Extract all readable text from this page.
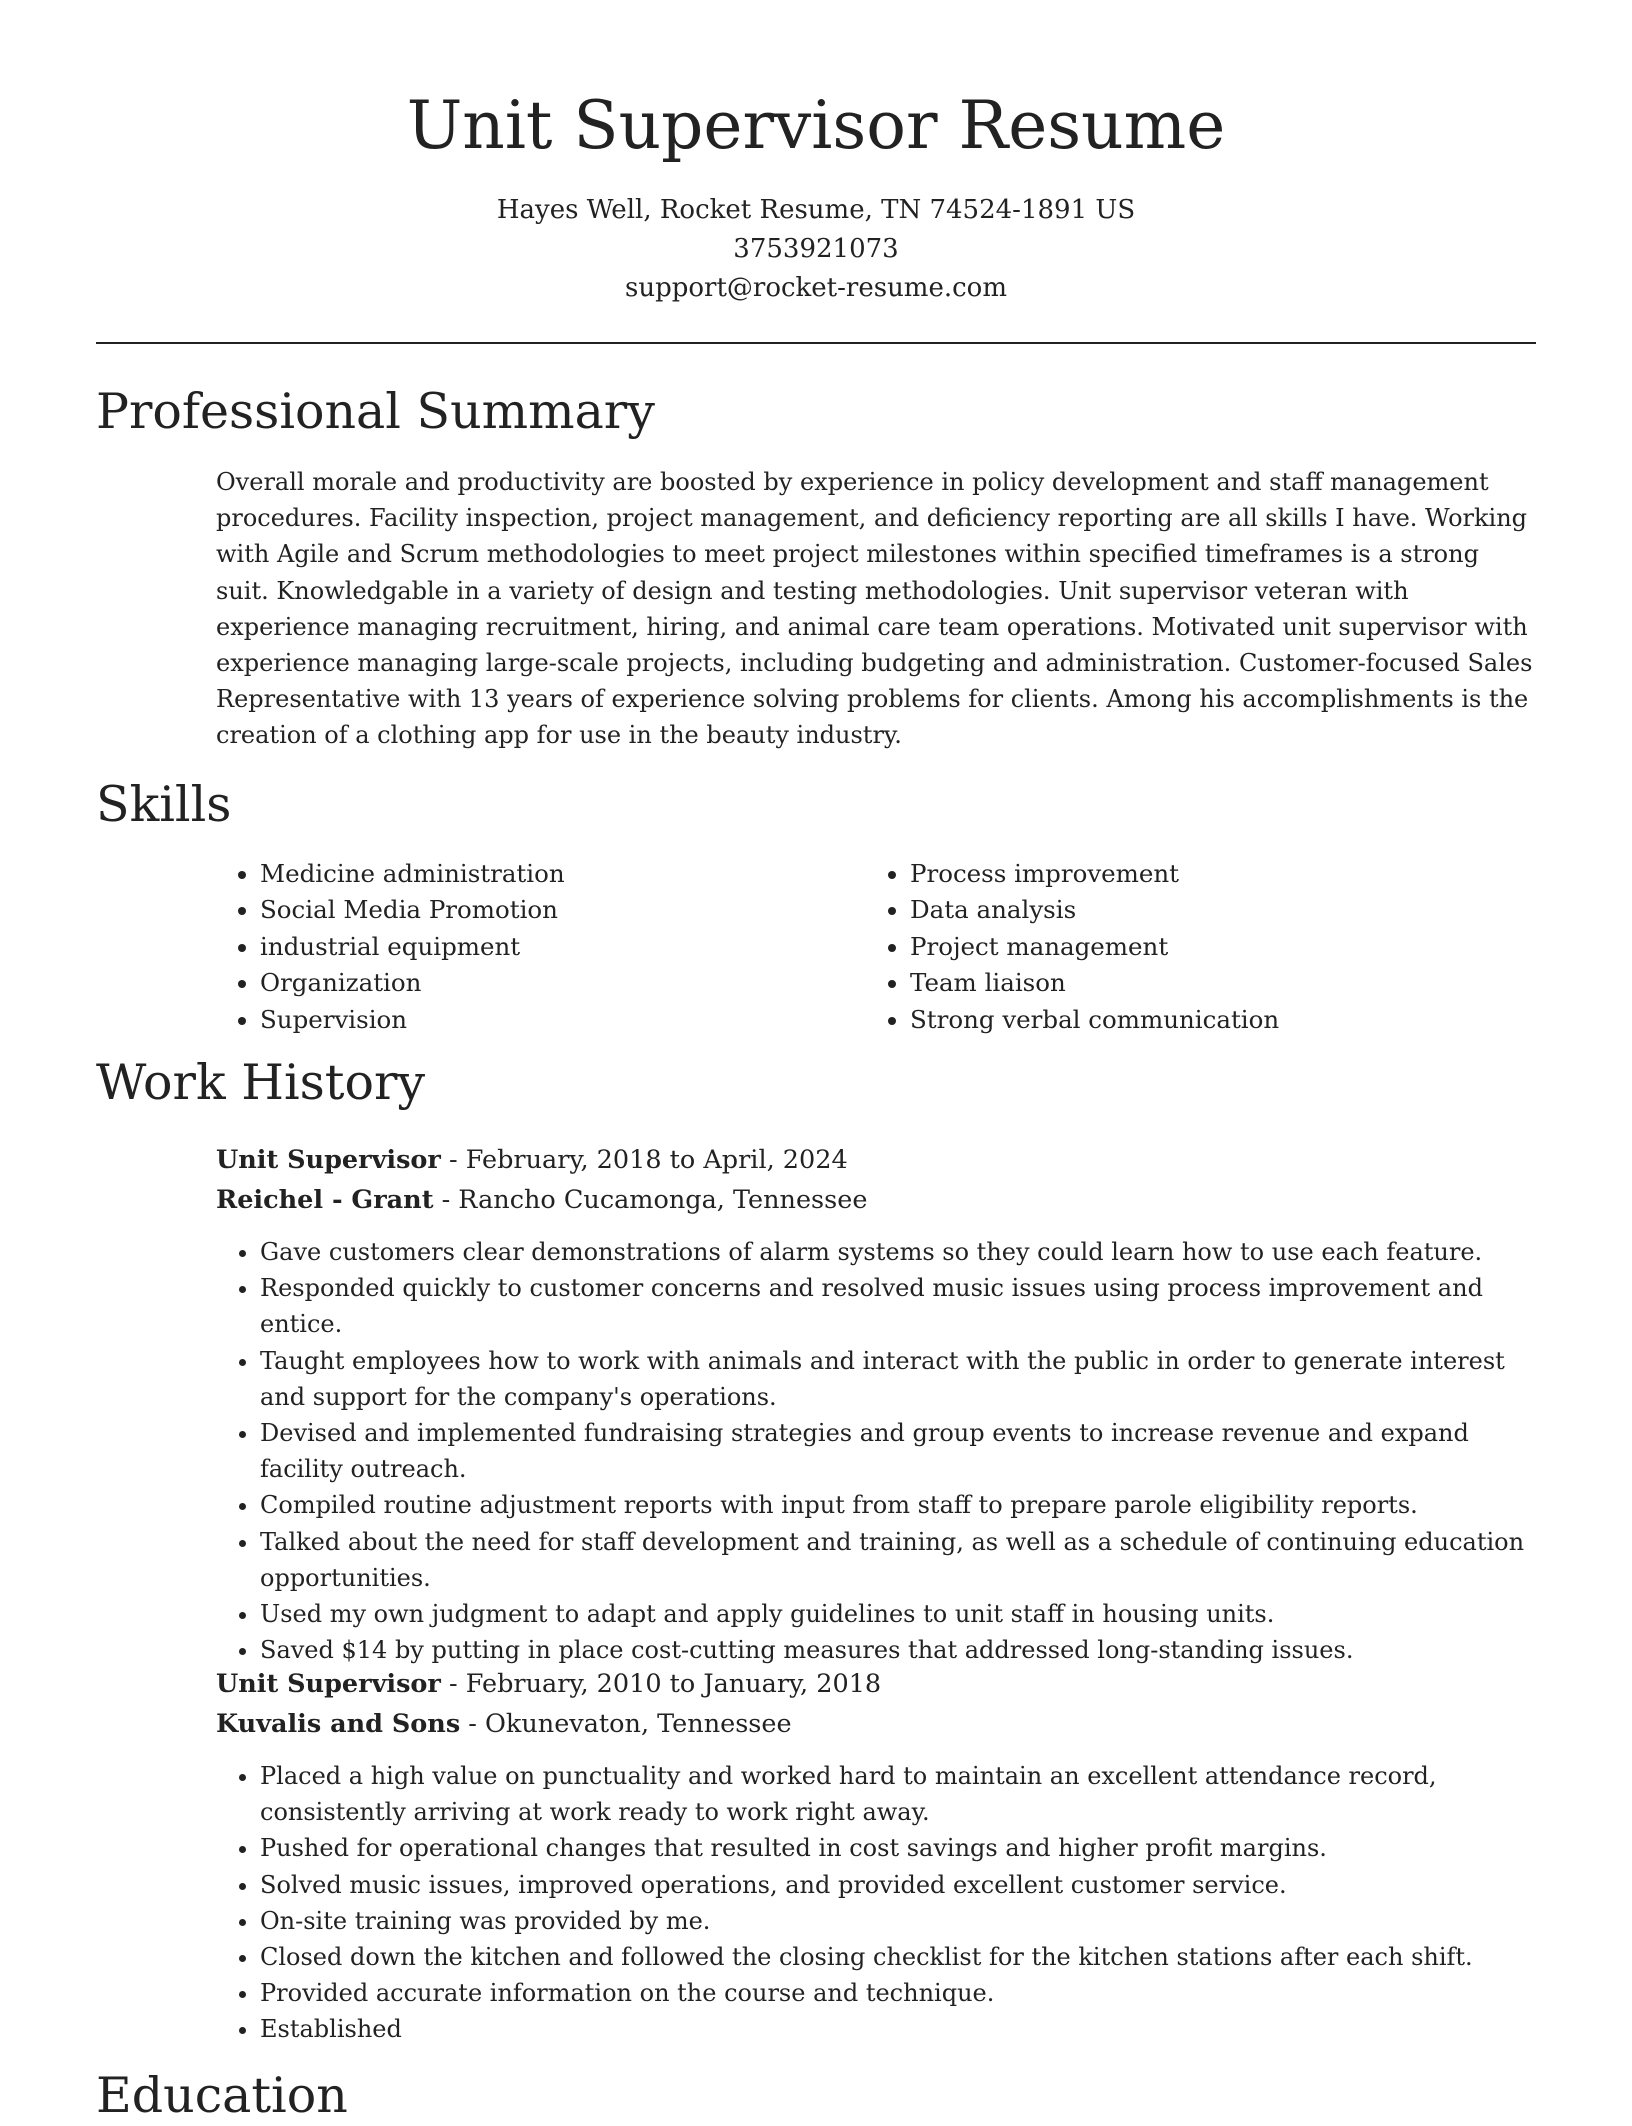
Unit Supervisor Resume
Hayes Well, Rocket Resume, TN 74524-1891 US
3753921073
support@rocket-resume.com
Professional Summary

Overall morale and productivity are boosted by experience in policy development and staff management procedures. Facility inspection, project management, and deficiency reporting are all skills I have. Working with Agile and Scrum methodologies to meet project milestones within specified timeframes is a strong suit. Knowledgable in a variety of design and testing methodologies. Unit supervisor veteran with experience managing recruitment, hiring, and animal care team operations. Motivated unit supervisor with experience managing large-scale projects, including budgeting and administration. Customer-focused Sales Representative with 13 years of experience solving problems for clients. Among his accomplishments is the creation of a clothing app for use in the beauty industry.

Skills
• Medicine administration
• Social Media Promotion
• industrial equipment
• Organization
• Supervision
• Process improvement
• Data analysis
• Project management
• Team liaison
• Strong verbal communication
Work History
Unit Supervisor - February, 2018 to April, 2024
Reichel - Grant - Rancho Cucamonga, Tennessee
• Gave customers clear demonstrations of alarm systems so they could learn how to use each feature.
• Responded quickly to customer concerns and resolved music issues using process improvement and entice.
• Taught employees how to work with animals and interact with the public in order to generate interest and support for the company's operations.
• Devised and implemented fundraising strategies and group events to increase revenue and expand facility outreach.
• Compiled routine adjustment reports with input from staff to prepare parole eligibility reports.
• Talked about the need for staff development and training, as well as a schedule of continuing education opportunities.
• Used my own judgment to adapt and apply guidelines to unit staff in housing units.
• Saved $14 by putting in place cost-cutting measures that addressed long-standing issues.
Unit Supervisor - February, 2010 to January, 2018
Kuvalis and Sons - Okunevaton, Tennessee
• Placed a high value on punctuality and worked hard to maintain an excellent attendance record, consistently arriving at work ready to work right away.
• Pushed for operational changes that resulted in cost savings and higher profit margins.
• Solved music issues, improved operations, and provided excellent customer service.
• On-site training was provided by me.
• Closed down the kitchen and followed the closing checklist for the kitchen stations after each shift.
• Provided accurate information on the course and technique.
• Established
Education
